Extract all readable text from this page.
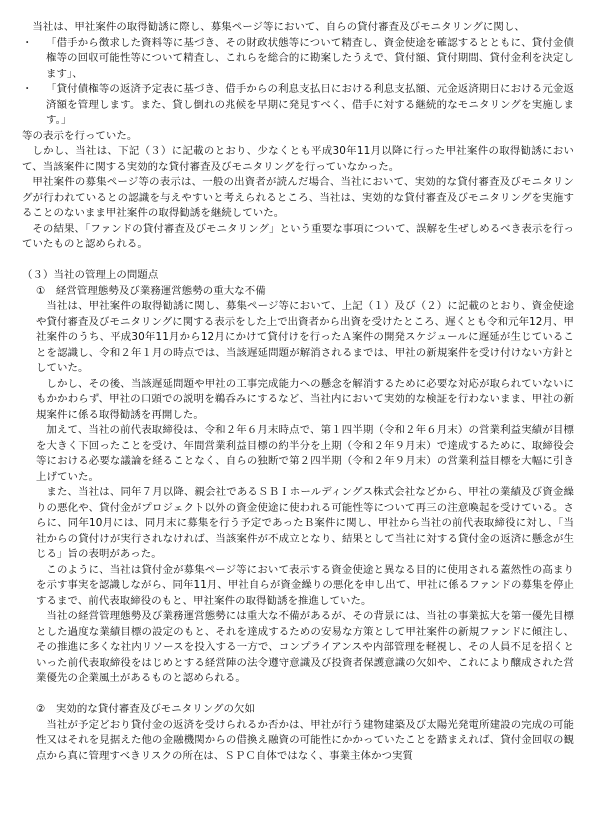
当社は、甲社案件の取得勧誘に際し、募集ページ等において、自らの貸付審査及びモニタリングに関し、

・	「借手から徴求した資料等に基づき、その財政状態等について精査し、資金使途を確認するとともに、貸付金債権等の回収可能性等について精査し、これらを総合的に勘案したうえで、貸付額、貸付期間、貸付金利を決定します」、
・	「貸付債権等の返済予定表に基づき、借手からの利息支払日における利息支払額、元金返済期日における元金返済額を管理します。また、貸し倒れの兆候を早期に発見すべく、借手に対する継続的なモニタリングを実施します。」

等の表示を行っていた。

しかし、当社は、下記（３）に記載のとおり、少なくとも平成30年11月以降に行った甲社案件の取得勧誘において、当該案件に関する実効的な貸付審査及びモニタリングを行っていなかった。

甲社案件の募集ページ等の表示は、一般の出資者が読んだ場合、当社において、実効的な貸付審査及びモニタリングが行われているとの認識を与えやすいと考えられるところ、当社は、実効的な貸付審査及びモニタリングを実施することのないまま甲社案件の取得勧誘を継続していた。

その結果、「ファンドの貸付審査及びモニタリング」という重要な事項について、誤解を生ぜしめるべき表示を行っていたものと認められる。

（３）当社の管理上の問題点

①　経営管理態勢及び業務運営態勢の重大な不備

当社は、甲社案件の取得勧誘に関し、募集ページ等において、上記（１）及び（２）に記載のとおり、資金使途や貸付審査及びモニタリングに関する表示をした上で出資者から出資を受けたところ、遅くとも令和元年12月、甲社案件のうち、平成30年11月から12月にかけて貸付けを行ったＡ案件の開発スケジュールに遅延が生じていることを認識し、令和２年１月の時点では、当該遅延問題が解消されるまでは、甲社の新規案件を受け付けない方針としていた。

しかし、その後、当該遅延問題や甲社の工事完成能力への懸念を解消するために必要な対応が取られていないにもかかわらず、甲社の口頭での説明を鵜呑みにするなど、当社内において実効的な検証を行わないまま、甲社の新規案件に係る取得勧誘を再開した。

加えて、当社の前代表取締役は、令和２年６月末時点で、第１四半期（令和２年６月末）の営業利益実績が目標を大きく下回ったことを受け、年間営業利益目標の約半分を上期（令和２年９月末）で達成するために、取締役会等における必要な議論を経ることなく、自らの独断で第２四半期（令和２年９月末）の営業利益目標を大幅に引き上げていた。

また、当社は、同年７月以降、親会社であるＳＢＩホールディングス株式会社などから、甲社の業績及び資金繰りの悪化や、貸付金がプロジェクト以外の資金使途に使われる可能性等について再三の注意喚起を受けている。さらに、同年10月には、同月末に募集を行う予定であったＢ案件に関し、甲社から当社の前代表取締役に対し、「当社からの貸付けが実行されなければ、当該案件が不成立となり、結果として当社に対する貸付金の返済に懸念が生じる」旨の表明があった。

このように、当社は貸付金が募集ページ等において表示する資金使途と異なる目的に使用される蓋然性の高まりを示す事実を認識しながら、同年11月、甲社自らが資金繰りの悪化を申し出て、甲社に係るファンドの募集を停止するまで、前代表取締役のもと、甲社案件の取得勧誘を推進していた。

当社の経営管理態勢及び業務運営態勢には重大な不備があるが、その背景には、当社の事業拡大を第一優先目標とした過度な業績目標の設定のもと、それを達成するための安易な方策として甲社案件の新規ファンドに傾注し、その推進に多くな社内リソースを投入する一方で、コンプライアンスや内部管理を軽視し、その人員不足を招くといった前代表取締役をはじめとする経営陣の法令遵守意識及び投資者保護意識の欠如や、これにより醸成された営業優先の企業風土があるものと認められる。

②　実効的な貸付審査及びモニタリングの欠如

当社が予定どおり貸付金の返済を受けられるか否かは、甲社が行う建物建築及び太陽光発電所建設の完成の可能性又はそれを見据えた他の金融機関からの借換え融資の可能性にかかっていたことを踏まえれば、貸付金回収の観点から真に管理すべきリスクの所在は、ＳＰＣ自体ではなく、事業主体かつ実質
